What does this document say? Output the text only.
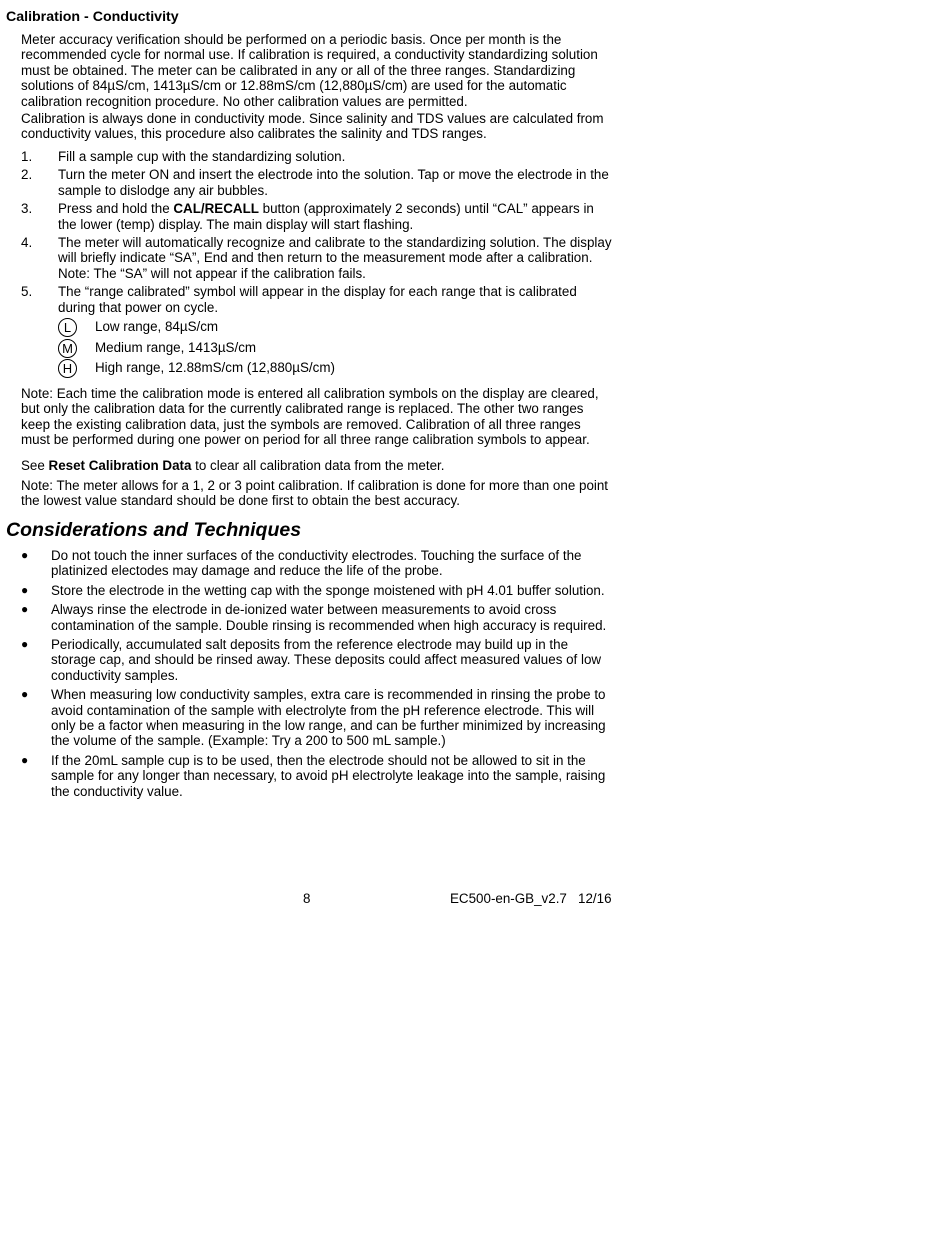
Calibration - Conductivity

Meter accuracy verification should be performed on a periodic basis. Once per month is the recommended cycle for normal use. If calibration is required, a conductivity standardizing solution must be obtained. The meter can be calibrated in any or all of the three ranges. Standardizing solutions of 84µS/cm, 1413µS/cm or 12.88mS/cm (12,880µS/cm) are used for the automatic calibration recognition procedure. No other calibration values are permitted.

Calibration is always done in conductivity mode. Since salinity and TDS values are calculated from conductivity values, this procedure also calibrates the salinity and TDS ranges.

1. Fill a sample cup with the standardizing solution.
2. Turn the meter ON and insert the electrode into the solution. Tap or move the electrode in the sample to dislodge any air bubbles.
3. Press and hold the CAL/RECALL button (approximately 2 seconds) until “CAL” appears in the lower (temp) display. The main display will start flashing.
4. The meter will automatically recognize and calibrate to the standardizing solution. The display will briefly indicate “SA”, End and then return to the measurement mode after a calibration.
Note: The “SA” will not appear if the calibration fails.
5. The “range calibrated” symbol will appear in the display for each range that is calibrated during that power on cycle.
L	Low range, 84µS/cm
M	Medium range, 1413µS/cm
H	High range, 12.88mS/cm (12,880µS/cm)

Note: Each time the calibration mode is entered all calibration symbols on the display are cleared, but only the calibration data for the currently calibrated range is replaced. The other two ranges keep the existing calibration data, just the symbols are removed. Calibration of all three ranges must be performed during one power on period for all three range calibration symbols to appear.

See Reset Calibration Data to clear all calibration data from the meter.

Note: The meter allows for a 1, 2 or 3 point calibration. If calibration is done for more than one point the lowest value standard should be done first to obtain the best accuracy.

Considerations and Techniques
● Do not touch the inner surfaces of the conductivity electrodes. Touching the surface of the platinized electodes may damage and reduce the life of the probe.
● Store the electrode in the wetting cap with the sponge moistened with pH 4.01 buffer solution.
● Always rinse the electrode in de-ionized water between measurements to avoid cross contamination of the sample. Double rinsing is recommended when high accuracy is required.
● Periodically, accumulated salt deposits from the reference electrode may build up in the storage cap, and should be rinsed away. These deposits could affect measured values of low conductivity samples.
● When measuring low conductivity samples, extra care is recommended in rinsing the probe to avoid contamination of the sample with electrolyte from the pH reference electrode. This will only be a factor when measuring in the low range, and can be further minimized by increasing the volume of the sample. (Example: Try a 200 to 500 mL sample.)
● If the 20mL sample cup is to be used, then the electrode should not be allowed to sit in the sample for any longer than necessary, to avoid pH electrolyte leakage into the sample, raising the conductivity value.
8	EC500-en-GB_v2.7   12/16
